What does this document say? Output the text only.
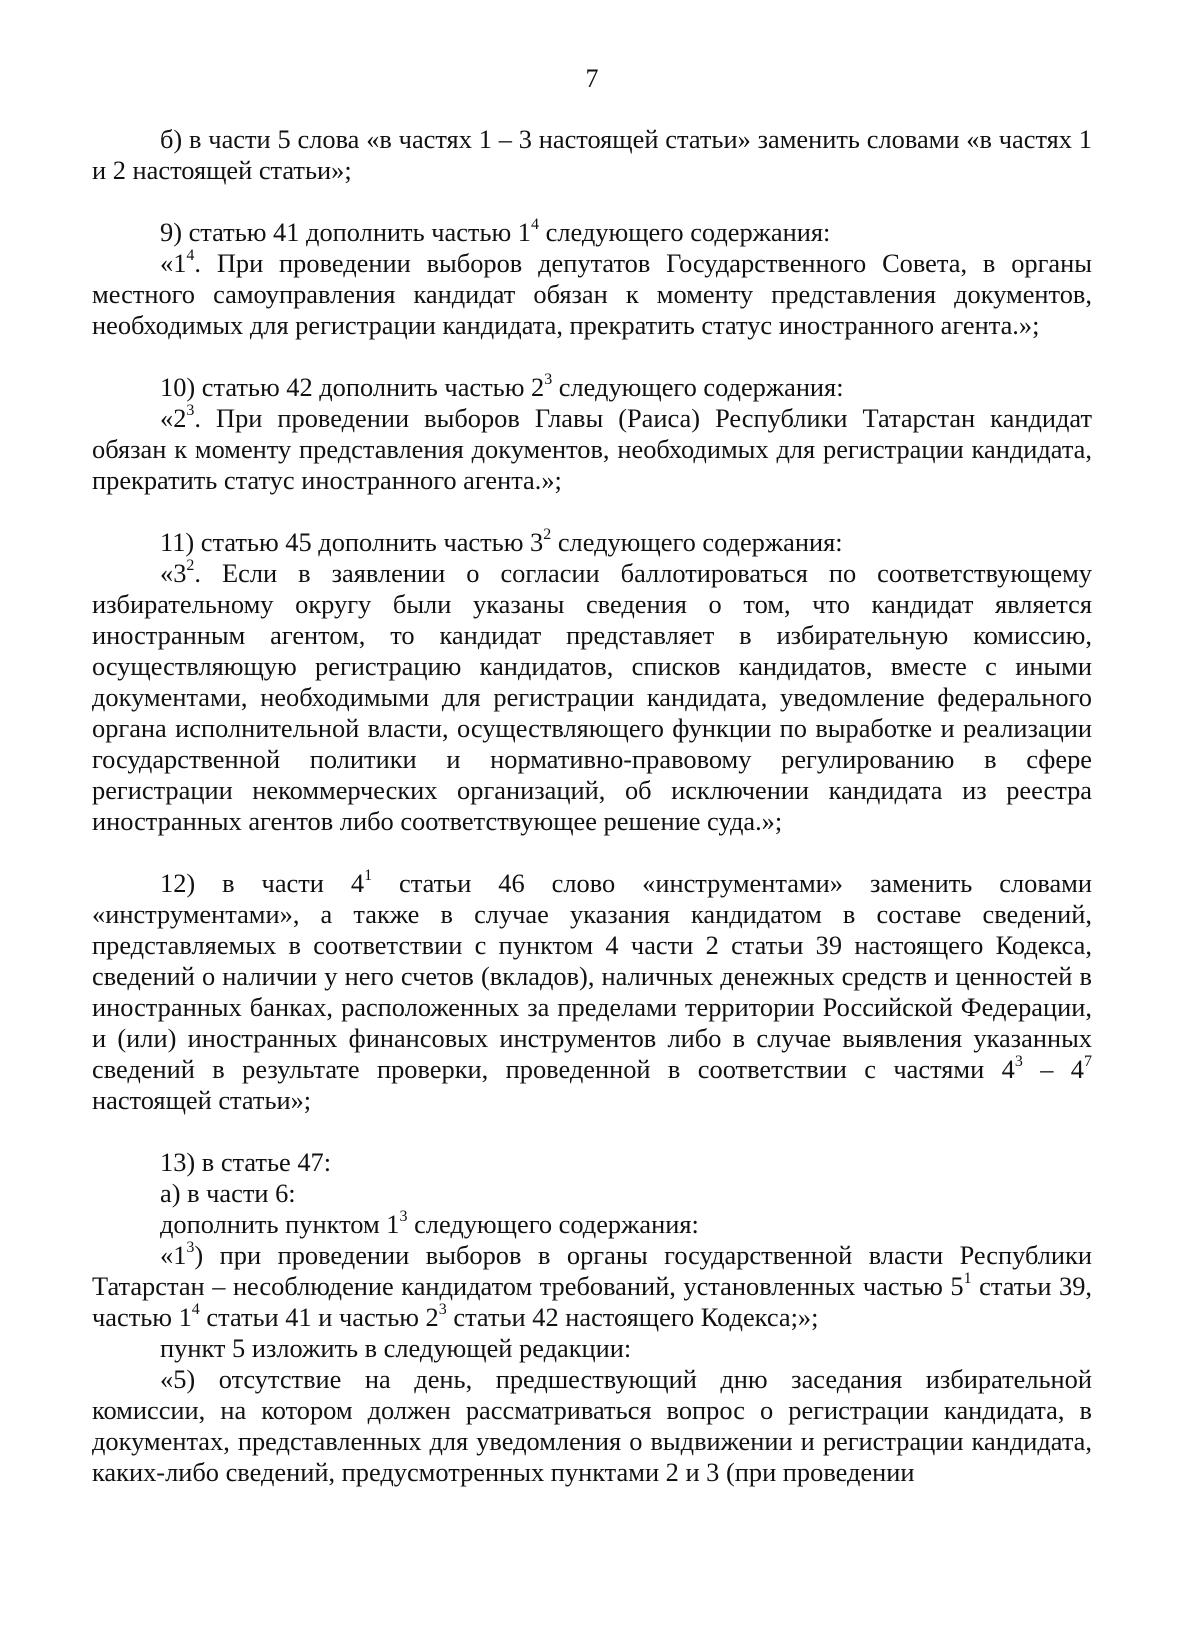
7

б) в части 5 слова «в частях 1 – 3 настоящей статьи» заменить словами «в частях 1 и 2 настоящей статьи»;

9) статью 41 дополнить частью $1^4$ следующего содержания:

«$1^4$. При проведении выборов депутатов Государственного Совета, в органы местного самоуправления кандидат обязан к моменту представления документов, необходимых для регистрации кандидата, прекратить статус иностранного агента.»;

10) статью 42 дополнить частью $2^3$ следующего содержания:

«$2^3$. При проведении выборов Главы (Раиса) Республики Татарстан кандидат обязан к моменту представления документов, необходимых для регистрации кандидата, прекратить статус иностранного агента.»;

11) статью 45 дополнить частью $3^2$ следующего содержания:

«$3^2$. Если в заявлении о согласии баллотироваться по соответствующему избирательному округу были указаны сведения о том, что кандидат является иностранным агентом, то кандидат представляет в избирательную комиссию, осуществляющую регистрацию кандидатов, списков кандидатов, вместе с иными документами, необходимыми для регистрации кандидата, уведомление федерального органа исполнительной власти, осуществляющего функции по выработке и реализации государственной политики и нормативно-правовому регулированию в сфере регистрации некоммерческих организаций, об исключении кандидата из реестра иностранных агентов либо соответствующее решение суда.»;

12) в части $4^1$ статьи 46 слово «инструментами» заменить словами «инструментами», а также в случае указания кандидатом в составе сведений, представляемых в соответствии с пунктом 4 части 2 статьи 39 настоящего Кодекса, сведений о наличии у него счетов (вкладов), наличных денежных средств и ценностей в иностранных банках, расположенных за пределами территории Российской Федерации, и (или) иностранных финансовых инструментов либо в случае выявления указанных сведений в результате проверки, проведенной в соответствии с частями $4^3 - 4^7$ настоящей статьи»;

13) в статье 47:

а) в части 6:

дополнить пунктом $1^3$ следующего содержания:

«$1^3$) при проведении выборов в органы государственной власти Республики Татарстан – несоблюдение кандидатом требований, установленных частью $5^1$ статьи 39, частью $1^4$ статьи 41 и частью $2^3$ статьи 42 настоящего Кодекса;»;

пункт 5 изложить в следующей редакции:

«5) отсутствие на день, предшествующий дню заседания избирательной комиссии, на котором должен рассматриваться вопрос о регистрации кандидата, в документах, представленных для уведомления о выдвижении и регистрации кандидата, каких-либо сведений, предусмотренных пунктами 2 и 3 (при проведении
